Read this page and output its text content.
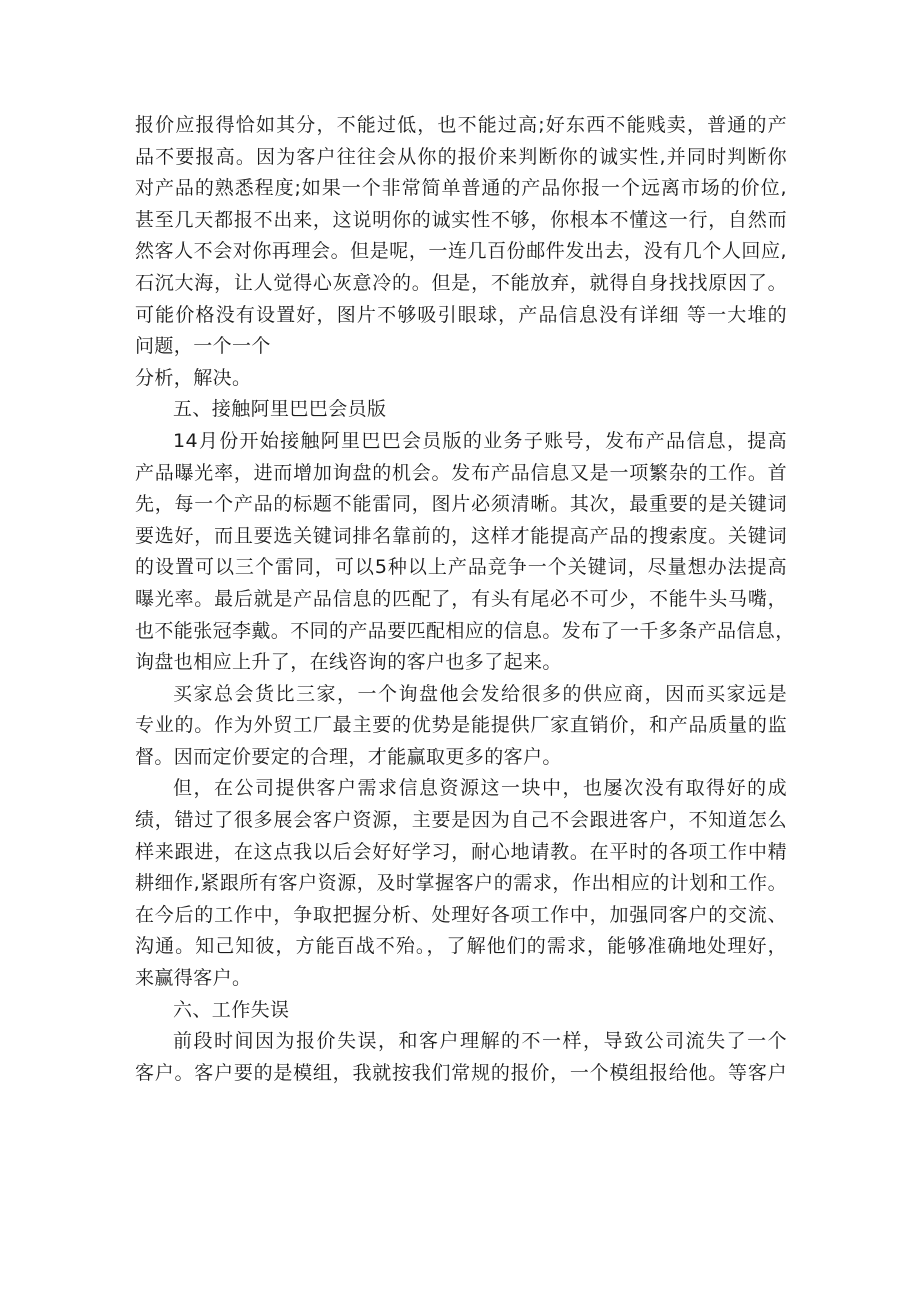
报价应报得恰如其分，不能过低，也不能过高;好东西不能贱卖，普通的产
品不要报高。因为客户往往会从你的报价来判断你的诚实性,并同时判断你
对产品的熟悉程度;如果一个非常简单普通的产品你报一个远离市场的价位,
甚至几天都报不出来，这说明你的诚实性不够，你根本不懂这一行，自然而
然客人不会对你再理会。但是呢，一连几百份邮件发出去，没有几个人回应,
石沉大海，让人觉得心灰意冷的。但是，不能放弃，就得自身找找原因了。
可能价格没有设置好，图片不够吸引眼球，产品信息没有详细 等一大堆的
问题，一个一个
分析，解决。
五、接触阿里巴巴会员版
14月份开始接触阿里巴巴会员版的业务子账号，发布产品信息，提高
产品曝光率，进而增加询盘的机会。发布产品信息又是一项繁杂的工作。首
先，每一个产品的标题不能雷同，图片必须清晰。其次，最重要的是关键词
要选好，而且要选关键词排名靠前的，这样才能提高产品的搜索度。关键词
的设置可以三个雷同，可以5种以上产品竞争一个关键词，尽量想办法提高
曝光率。最后就是产品信息的匹配了，有头有尾必不可少，不能牛头马嘴，
也不能张冠李戴。不同的产品要匹配相应的信息。发布了一千多条产品信息，
询盘也相应上升了，在线咨询的客户也多了起来。
买家总会货比三家，一个询盘他会发给很多的供应商，因而买家远是
专业的。作为外贸工厂最主要的优势是能提供厂家直销价，和产品质量的监
督。因而定价要定的合理，才能赢取更多的客户。
但，在公司提供客户需求信息资源这一块中，也屡次没有取得好的成
绩，错过了很多展会客户资源，主要是因为自己不会跟进客户，不知道怎么
样来跟进，在这点我以后会好好学习，耐心地请教。在平时的各项工作中精
耕细作,紧跟所有客户资源，及时掌握客户的需求，作出相应的计划和工作。
在今后的工作中，争取把握分析、处理好各项工作中，加强同客户的交流、
沟通。知己知彼，方能百战不殆。，了解他们的需求，能够准确地处理好，
来赢得客户。
六、工作失误
前段时间因为报价失误，和客户理解的不一样，导致公司流失了一个
客户。客户要的是模组，我就按我们常规的报价，一个模组报给他。等客户
